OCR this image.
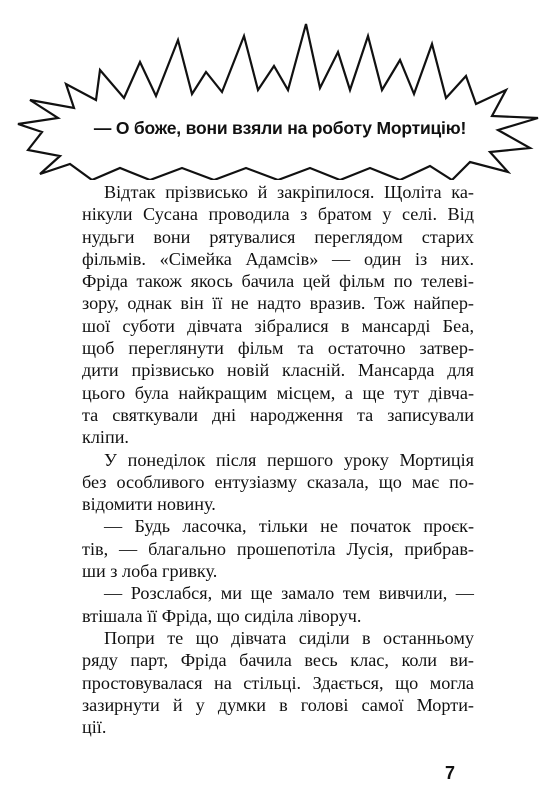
— О боже, вони взяли на роботу Мортицію!
Відтак прізвисько й закріпилося. Щоліта ка-
нікули Сусана проводила з братом у селі. Від
нудьги вони рятувалися переглядом старих
фільмів. «Сімейка Адамсів» — один із них.
Фріда також якось бачила цей фільм по телеві-
зору, однак він її не надто вразив. Тож найпер-
шої суботи дівчата зібралися в мансарді Беа,
щоб переглянути фільм та остаточно затвер-
дити прізвисько новій класній. Мансарда для
цього була найкращим місцем, а ще тут дівча-
та святкували дні народження та записували
кліпи.
У понеділок після першого уроку Мортиція
без особливого ентузіазму сказала, що має по-
відомити новину.
— Будь ласочка, тільки не початок проєк-
тів, — благально прошепотіла Лусія, прибрав-
ши з лоба гривку.
— Розслабся, ми ще замало тем вивчили, —
втішала її Фріда, що сиділа ліворуч.
Попри те що дівчата сиділи в останньому
ряду парт, Фріда бачила весь клас, коли ви-
простовувалася на стільці. Здається, що могла
зазирнути й у думки в голові самої Морти-
ції.
7
